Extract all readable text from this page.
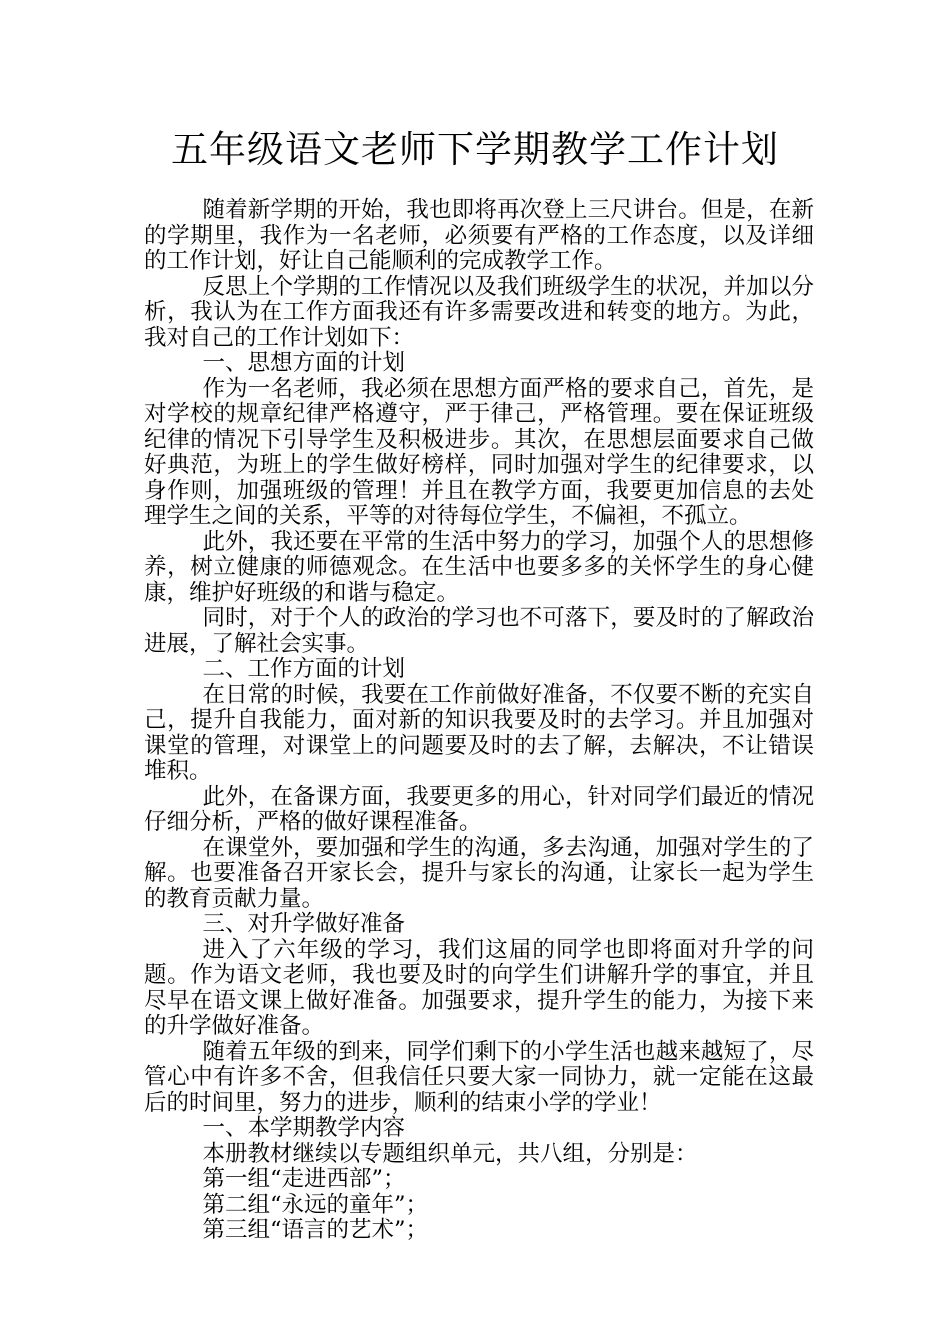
五年级语文老师下学期教学工作计划

随着新学期的开始，我也即将再次登上三尺讲台。但是，在新的学期里，我作为一名老师，必须要有严格的工作态度，以及详细的工作计划，好让自己能顺利的完成教学工作。

反思上个学期的工作情况以及我们班级学生的状况，并加以分析，我认为在工作方面我还有许多需要改进和转变的地方。为此，我对自己的工作计划如下：

一、思想方面的计划

作为一名老师，我必须在思想方面严格的要求自己，首先，是对学校的规章纪律严格遵守，严于律己，严格管理。要在保证班级纪律的情况下引导学生及积极进步。其次，在思想层面要求自己做好典范，为班上的学生做好榜样，同时加强对学生的纪律要求，以身作则，加强班级的管理！并且在教学方面，我要更加信息的去处理学生之间的关系，平等的对待每位学生，不偏袒，不孤立。

此外，我还要在平常的生活中努力的学习，加强个人的思想修养，树立健康的师德观念。在生活中也要多多的关怀学生的身心健康，维护好班级的和谐与稳定。

同时，对于个人的政治的学习也不可落下，要及时的了解政治进展，了解社会实事。

二、工作方面的计划

在日常的时候，我要在工作前做好准备，不仅要不断的充实自己，提升自我能力，面对新的知识我要及时的去学习。并且加强对课堂的管理，对课堂上的问题要及时的去了解，去解决，不让错误堆积。

此外，在备课方面，我要更多的用心，针对同学们最近的情况仔细分析，严格的做好课程准备。

在课堂外，要加强和学生的沟通，多去沟通，加强对学生的了解。也要准备召开家长会，提升与家长的沟通，让家长一起为学生的教育贡献力量。

三、对升学做好准备

进入了六年级的学习，我们这届的同学也即将面对升学的问题。作为语文老师，我也要及时的向学生们讲解升学的事宜，并且尽早在语文课上做好准备。加强要求，提升学生的能力，为接下来的升学做好准备。

随着五年级的到来，同学们剩下的小学生活也越来越短了，尽管心中有许多不舍，但我信任只要大家一同协力，就一定能在这最后的时间里，努力的进步，顺利的结束小学的学业！

一、本学期教学内容

本册教材继续以专题组织单元，共八组，分别是：

第一组“走进西部”；

第二组“永远的童年”；

第三组“语言的艺术”；
